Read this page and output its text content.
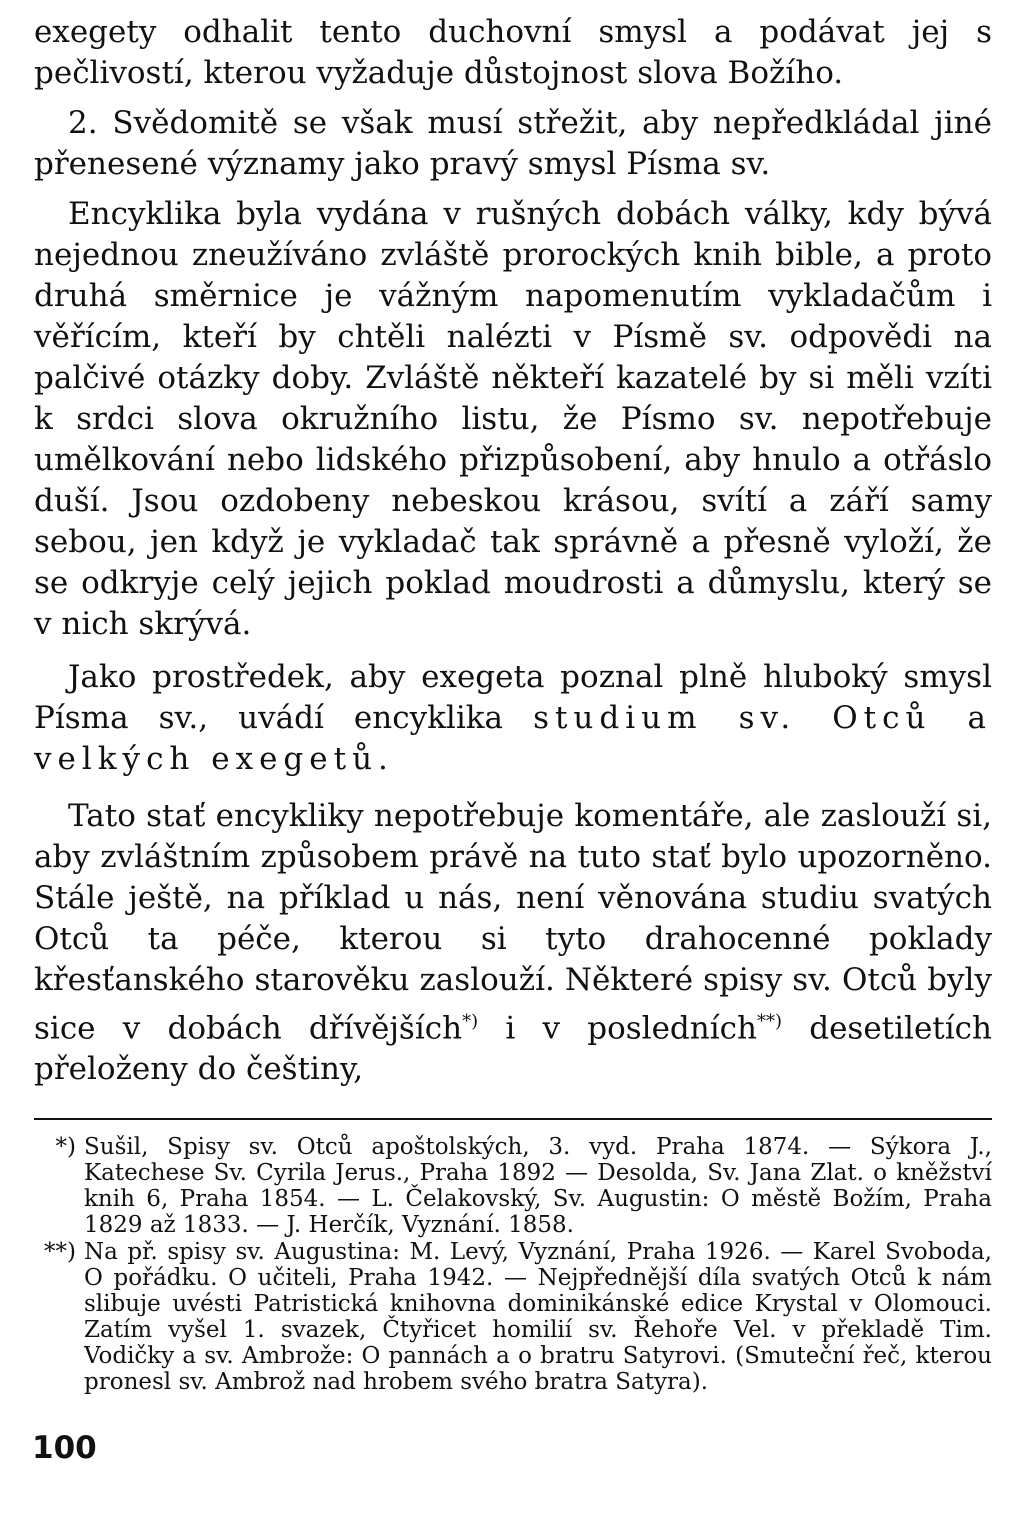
exegety odhalit tento duchovní smysl a podávat jej s pečlivostí, kterou vyžaduje důstojnost slova Božího.

2. Svědomitě se však musí střežit, aby nepředkládal jiné přenesené významy jako pravý smysl Písma sv.

Encyklika byla vydána v rušných dobách války, kdy bývá nejednou zneužíváno zvláště prorockých knih bible, a proto druhá směrnice je vážným napomenutím vykladačům i věřícím, kteří by chtěli nalézti v Písmě sv. odpovědi na palčivé otázky doby. Zvláště někteří kazatelé by si měli vzíti k srdci slova okružního listu, že Písmo sv. nepotřebuje umělkování nebo lidského přizpůsobení, aby hnulo a otřáslo duší. Jsou ozdobeny nebeskou krásou, svítí a září samy sebou, jen když je vykladač tak správně a přesně vyloží, že se odkryje celý jejich poklad moudrosti a důmyslu, který se v nich skrývá.

Jako prostředek, aby exegeta poznal plně hluboký smysl Písma sv., uvádí encyklika studium sv. Otců a velkých exegetů.

Tato stať encykliky nepotřebuje komentáře, ale zaslouží si, aby zvláštním způsobem právě na tuto stať bylo upozorněno. Stále ještě, na příklad u nás, není věnována studiu svatých Otců ta péče, kterou si tyto drahocenné poklady křesťanského starověku zaslouží. Některé spisy sv. Otců byly sice v dobách dřívějších*) i v posledních**) desetiletích přeloženy do češtiny,

*) Sušil, Spisy sv. Otců apoštolských, 3. vyd. Praha 1874. — Sýkora J., Katechese Sv. Cyrila Jerus., Praha 1892 — Desolda, Sv. Jana Zlat. o kněžství knih 6, Praha 1854. — L. Čelakovský, Sv. Augustin: O městě Božím, Praha 1829 až 1833. — J. Herčík, Vyznání. 1858.
**) Na př. spisy sv. Augustina: M. Levý, Vyznání, Praha 1926. — Karel Svoboda, O pořádku. O učiteli, Praha 1942. — Nejpřednější díla svatých Otců k nám slibuje uvésti Patristická knihovna dominikánské edice Krystal v Olomouci. Zatím vyšel 1. svazek, Čtyřicet homilií sv. Řehoře Vel. v překladě Tim. Vodičky a sv. Ambrože: O pannách a o bratru Satyrovi. (Smuteční řeč, kterou pronesl sv. Ambrož nad hrobem svého bratra Satyra).
100
